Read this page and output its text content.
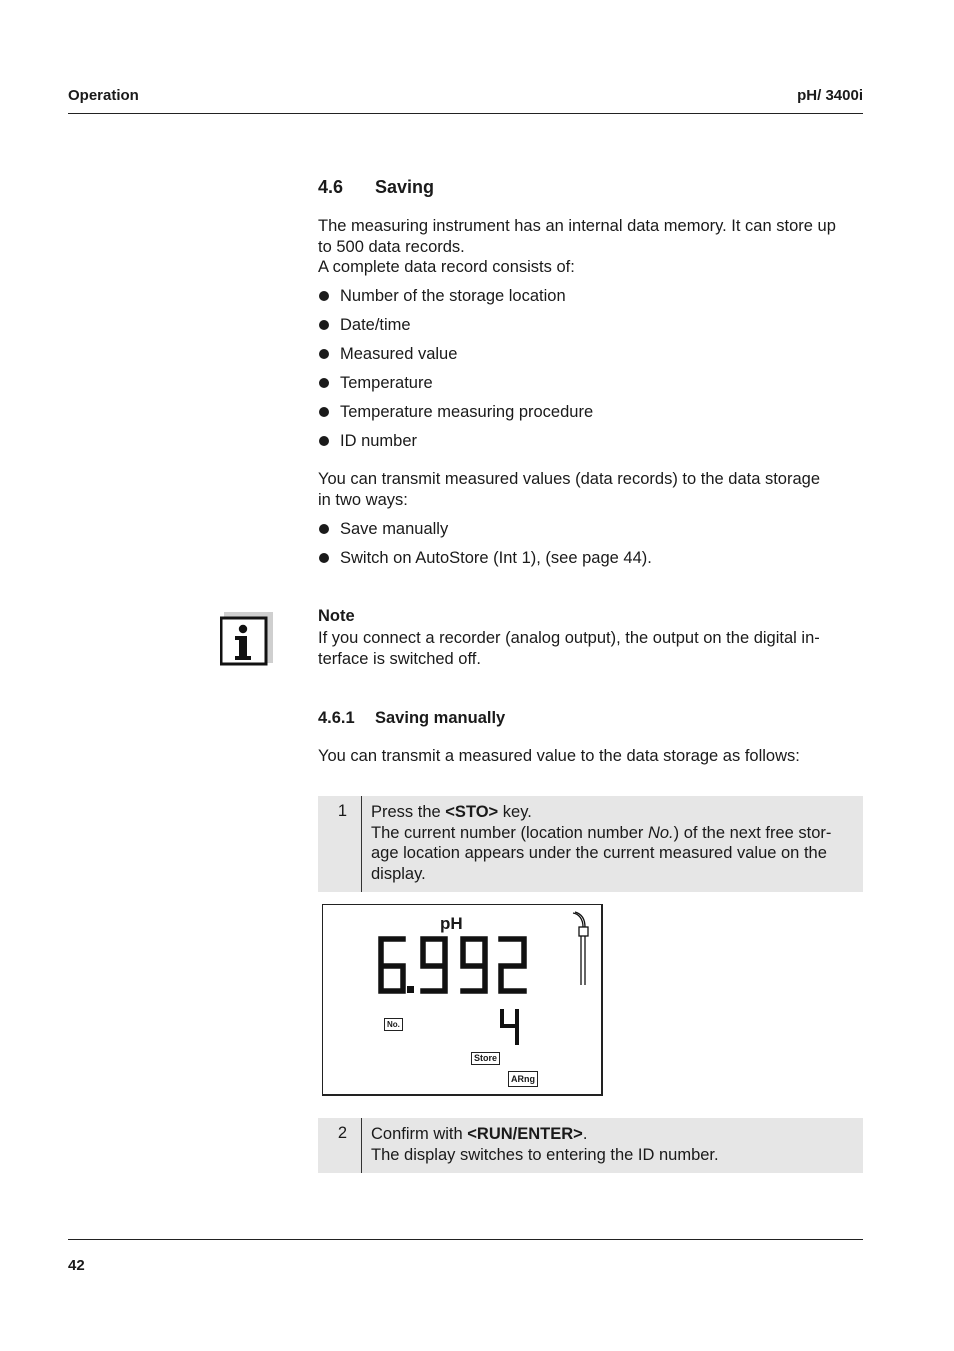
Operation	pH/ 3400i
4.6 Saving
The measuring instrument has an internal data memory. It can store up
to 500 data records.
A complete data record consists of:
Number of the storage location
Date/time
Measured value
Temperature
Temperature measuring procedure
ID number
You can transmit measured values (data records) to the data storage
in two ways:
Save manually
Switch on AutoStore (Int 1), (see page 44).
Note
If you connect a recorder (analog output), the output on the digital in-
terface is switched off.
4.6.1 Saving manually
You can transmit a measured value to the data storage as follows:
1 Press the <STO> key.
The current number (location number No.) of the next free stor-
age location appears under the current measured value on the
display.
pH
No.
Store
ARng
2 Confirm with <RUN/ENTER>.
The display switches to entering the ID number.
42
